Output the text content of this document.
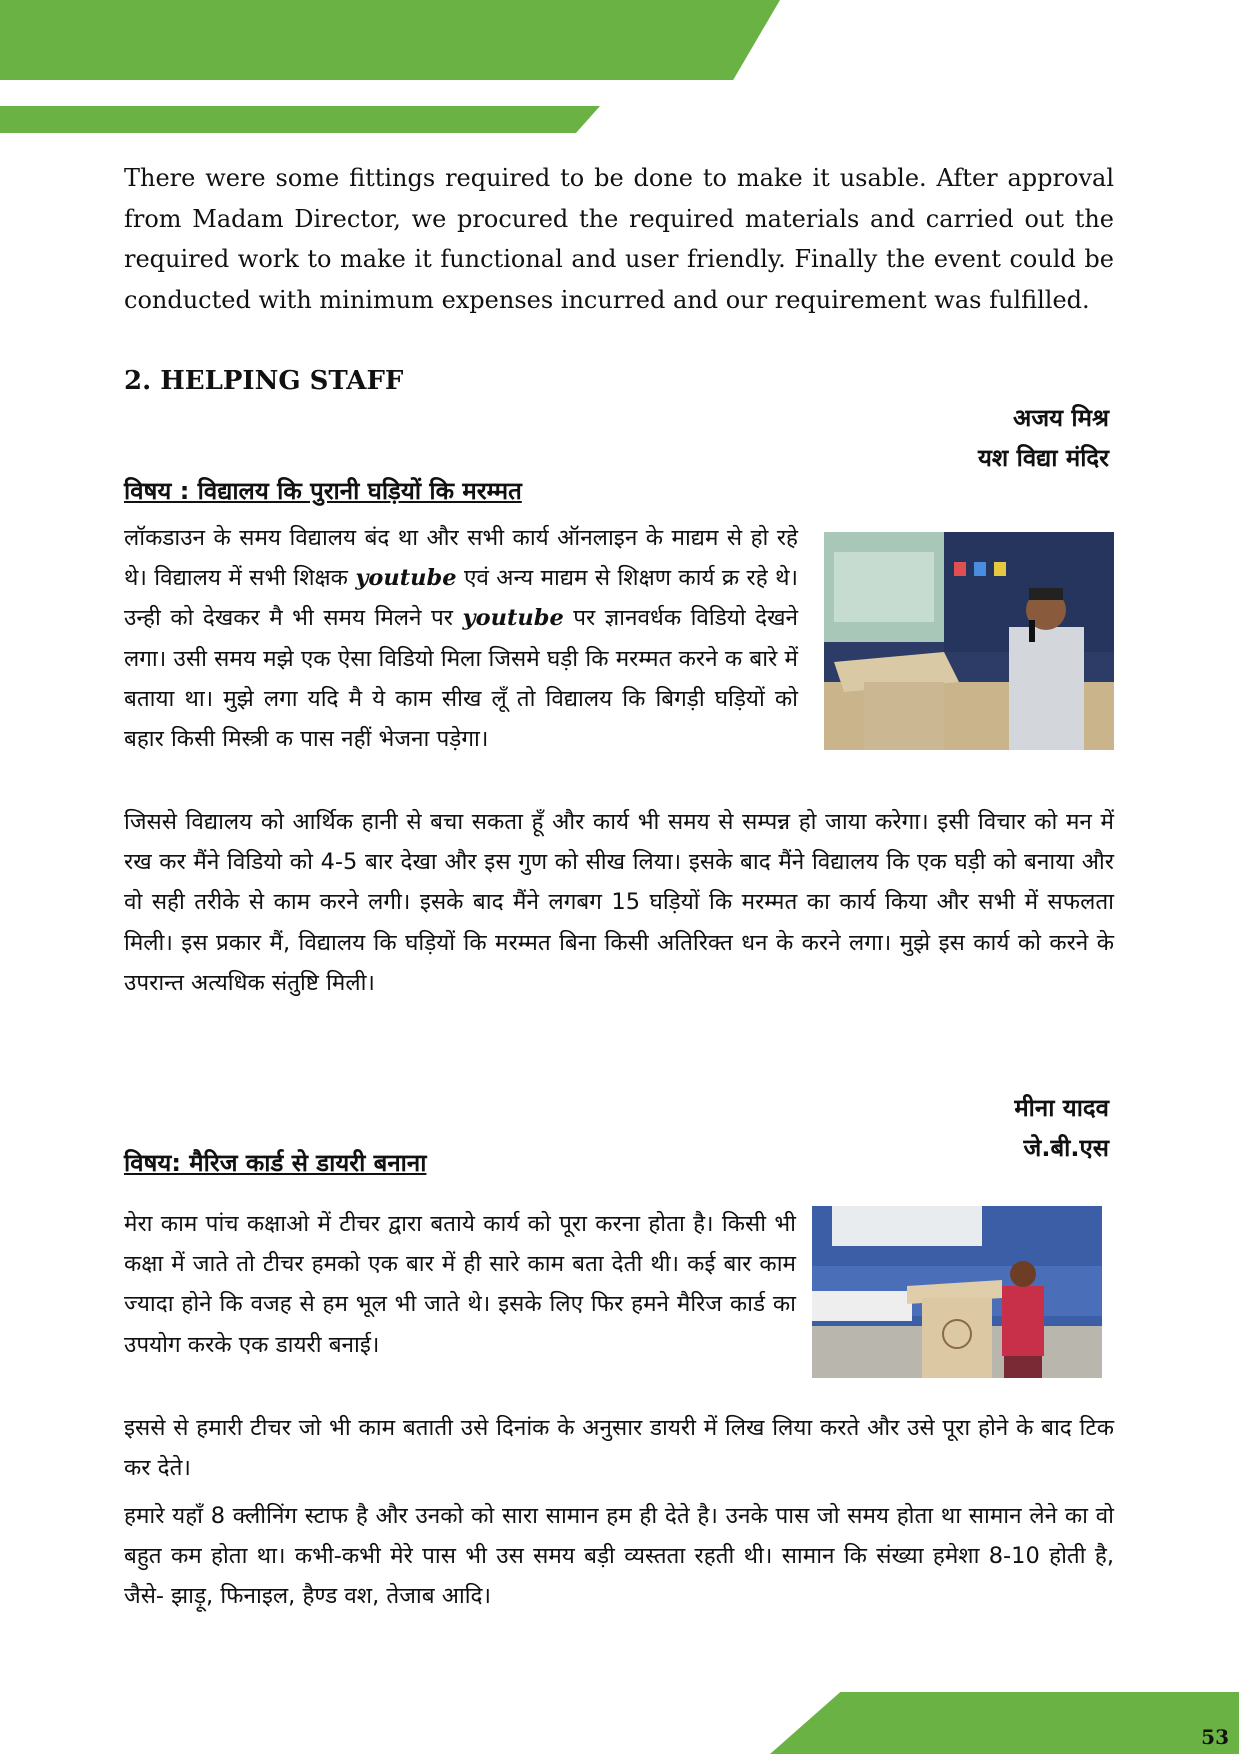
There were some fittings required to be done to make it usable. After approval from Madam Director, we procured the required materials and carried out the required work to make it functional and user friendly. Finally the event could be conducted with minimum expenses incurred and our requirement was fulfilled.

2. HELPING STAFF
अजय मिश्र
यश विद्या मंदिर
विषय : विद्यालय कि पुरानी घड़ियों कि मरम्मत

लॉकडाउन के समय विद्यालय बंद था और सभी कार्य ऑनलाइन के माद्यम से हो रहे थे। विद्यालय में सभी शिक्षक youtube एवं अन्य माद्यम से शिक्षण कार्य क्र रहे थे। उन्ही को देखकर मै भी समय मिलने पर youtube पर ज्ञानवर्धक विडियो देखने लगा। उसी समय मझे एक ऐसा विडियो मिला जिसमे घड़ी कि मरम्मत करने क बारे में बताया था। मुझे लगा यदि मै ये काम सीख लूँ तो विद्यालय कि बिगड़ी घड़ियों को बहार किसी मिस्त्री क पास नहीं भेजना पड़ेगा।

जिससे विद्यालय को आर्थिक हानी से बचा सकता हूँ और कार्य भी समय से सम्पन्न हो जाया करेगा। इसी विचार को मन में रख कर मैंने विडियो को 4-5 बार देखा और इस गुण को सीख लिया। इसके बाद मैंने विद्यालय कि एक घड़ी को बनाया और वो सही तरीके से काम करने लगी। इसके बाद मैंने लगबग 15 घड़ियों कि मरम्मत का कार्य किया और सभी में सफलता मिली। इस प्रकार मैं, विद्यालय कि घड़ियों कि मरम्मत बिना किसी अतिरिक्त धन के करने लगा। मुझे इस कार्य को करने के उपरान्त अत्यधिक संतुष्टि मिली।

मीना यादव
जे.बी.एस
विषय: मैरिज कार्ड से डायरी बनाना

मेरा काम पांच कक्षाओ में टीचर द्वारा बताये कार्य को पूरा करना होता है। किसी भी कक्षा में जाते तो टीचर हमको एक बार में ही सारे काम बता देती थी। कई बार काम ज्यादा होने कि वजह से हम भूल भी जाते थे। इसके लिए फिर हमने मैरिज कार्ड का उपयोग करके एक डायरी बनाई।

इससे से हमारी टीचर जो भी काम बताती उसे दिनांक के अनुसार डायरी में लिख लिया करते और उसे पूरा होने के बाद टिक कर देते।

हमारे यहाँ 8 क्लीनिंग स्टाफ है और उनको को सारा सामान हम ही देते है। उनके पास जो समय होता था सामान लेने का वो बहुत कम होता था। कभी-कभी मेरे पास भी उस समय बड़ी व्यस्तता रहती थी। सामान कि संख्या हमेशा 8-10 होती है, जैसे- झाड़ू, फिनाइल, हैण्ड वश, तेजाब आदि।

53
